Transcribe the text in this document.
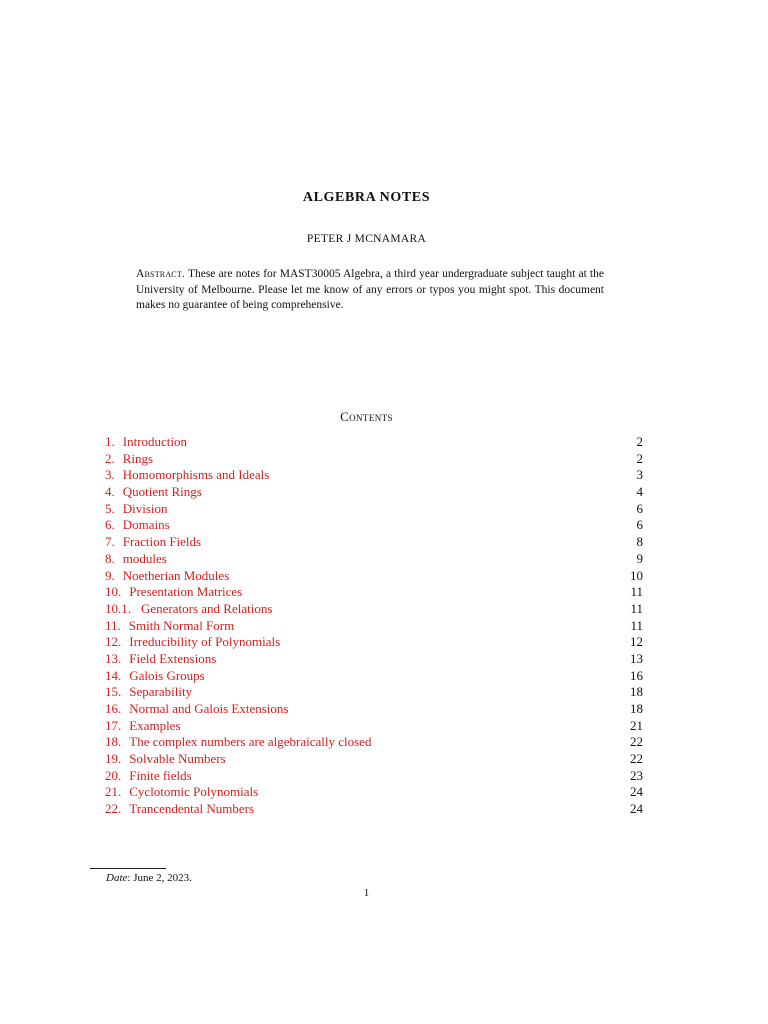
ALGEBRA NOTES
PETER J MCNAMARA
Abstract. These are notes for MAST30005 Algebra, a third year undergraduate subject taught at the University of Melbourne. Please let me know of any errors or typos you might spot. This document makes no guarantee of being comprehensive.
Contents
1. Introduction	2
2. Rings	2
3. Homomorphisms and Ideals	3
4. Quotient Rings	4
5. Division	6
6. Domains	6
7. Fraction Fields	8
8. modules	9
9. Noetherian Modules	10
10. Presentation Matrices	11
10.1. Generators and Relations	11
11. Smith Normal Form	11
12. Irreducibility of Polynomials	12
13. Field Extensions	13
14. Galois Groups	16
15. Separability	18
16. Normal and Galois Extensions	18
17. Examples	21
18. The complex numbers are algebraically closed	22
19. Solvable Numbers	22
20. Finite fields	23
21. Cyclotomic Polynomials	24
22. Trancendental Numbers	24
Date: June 2, 2023.
1
